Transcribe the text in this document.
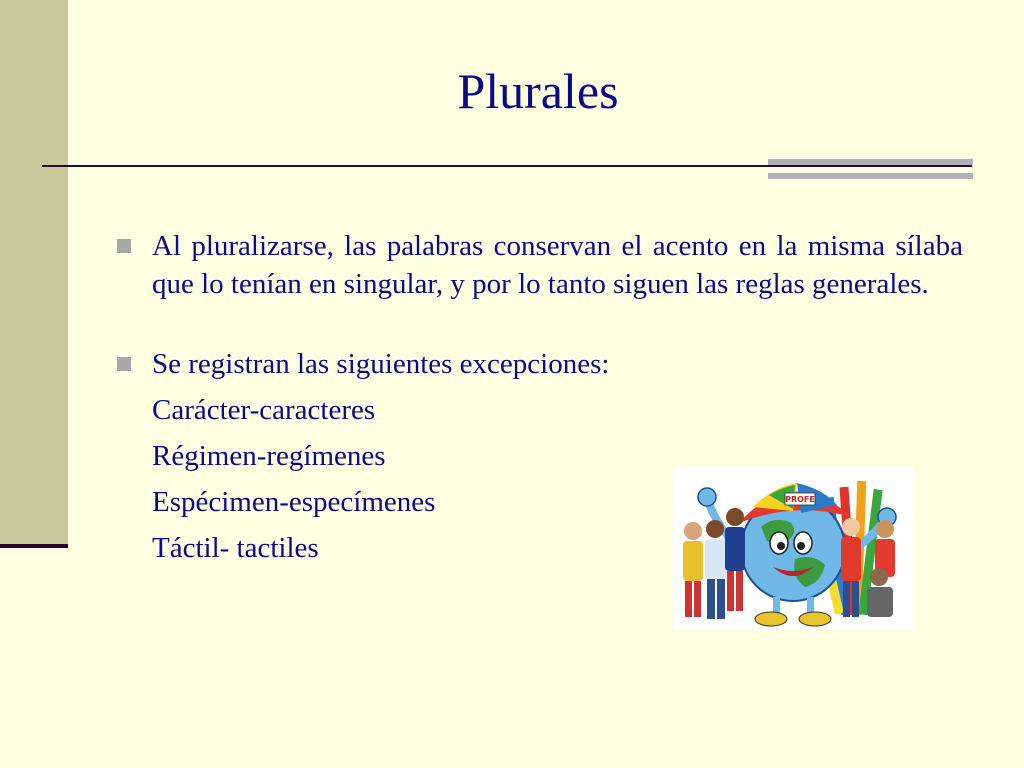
Plurales
Al pluralizarse, las palabras conservan el acento en la misma sílaba que lo tenían en singular, y por lo tanto siguen las reglas generales.
Se registran las siguientes excepciones:
Carácter-caracteres
Régimen-regímenes
Espécimen-especímenes
Táctil- tactiles
PROFE
